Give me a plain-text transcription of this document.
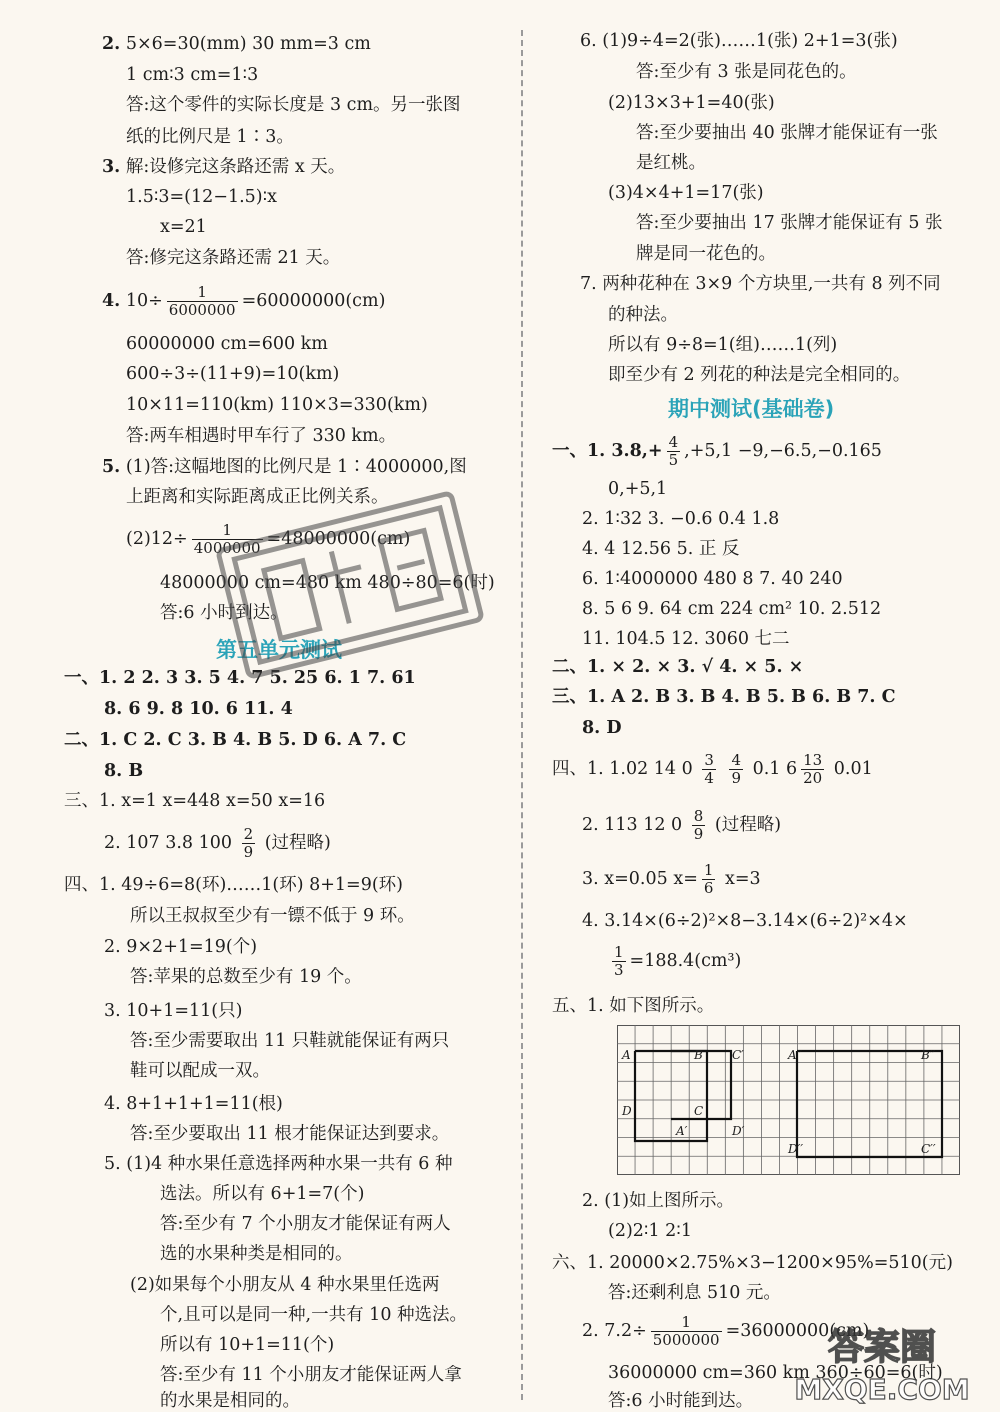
2. 5×6=30(mm) 30 mm=3 cm
1 cm∶3 cm=1∶3
答:这个零件的实际长度是 3 cm。另一张图
纸的比例尺是 1∶3。
3. 解:设修完这条路还需 x 天。
1.5∶3=(12−1.5)∶x
x=21
答:修完这条路还需 21 天。
4. $10\div \frac{1}{6000000} =60000000(cm)$
60000000 cm=600 km
600÷3÷(11+9)=10(km)
10×11=110(km) 110×3=330(km)
答:两车相遇时甲车行了 330 km。
5. (1)答:这幅地图的比例尺是 1∶4000000,图
上距离和实际距离成正比例关系。
$(2)12\div \frac{1}{4000000} =48000000(cm)$
48000000 cm=480 km 480÷80=6(时)
答:6 小时到达。
第五单元测试
一、1. 2 2. 3 3. 5 4. 7 5. 25 6. 1 7. 61
8. 6 9. 8 10. 6 11. 4
二、1. C 2. C 3. B 4. B 5. D 6. A 7. C
8. B
三、1. x=1 x=448 x=50 x=16
2. 107 3.8 $100 \frac{2}{9}$ (过程略)
四、1. 49÷6=8(环)……1(环) 8+1=9(环)
所以王叔叔至少有一镖不低于 9 环。
2. 9×2+1=19(个)
答:苹果的总数至少有 19 个。
3. 10+1=11(只)
答:至少需要取出 11 只鞋就能保证有两只
鞋可以配成一双。
4. 8+1+1+1=11(根)
答:至少要取出 11 根才能保证达到要求。
5. (1)4 种水果任意选择两种水果一共有 6 种
选法。所以有 6+1=7(个)
答:至少有 7 个小朋友才能保证有两人
选的水果种类是相同的。
(2)如果每个小朋友从 4 种水果里任选两
个,且可以是同一种,一共有 10 种选法。
所以有 10+1=11(个)
答:至少有 11 个小朋友才能保证两人拿
的水果是相同的。
6. (1)9÷4=2(张)……1(张) 2+1=3(张)
答:至少有 3 张是同花色的。
(2)13×3+1=40(张)
答:至少要抽出 40 张牌才能保证有一张
是红桃。
(3)4×4+1=17(张)
答:至少要抽出 17 张牌才能保证有 5 张
牌是同一花色的。
7. 两种花种在 3×9 个方块里,一共有 8 列不同
的种法。
所以有 9÷8=1(组)……1(列)
即至少有 2 列花的种法是完全相同的。
期中测试(基础卷)
一、1. $3.8,+ \frac{4}{5} ,+5,1 -9,-6.5,-0.165$
0,+5,1
2. 1∶32 3. −0.6 0.4 1.8
4. 4 12.56 5. 正 反
6. 1∶4000000 480 8 7. 40 240
8. 5 6 9. 64 cm 224 cm² 10. 2.512
11. 104.5 12. 3060 七二
二、1. × 2. × 3. √ 4. × 5. ×
三、1. A 2. B 3. B 4. B 5. B 6. B 7. C
8. D
四、1. 1.02 14 $0 \frac{3}{4}$
$\frac{4}{9} 0.1$ $6 \frac{13}{20} 0.01$
2. 113 12 $0 \frac{8}{9}$ (过程略)
3. x=0.05 $x= \frac{1}{6} x=3$
4. 3.14×(6÷2)²×8−3.14×(6÷2)²×4×
$\frac{1}{3} =188.4(cm^3)$
五、1. 如下图所示。
A	B C′	A′′	B′′
D	C
A′	D′
D′′	C′′
2. (1)如上图所示。
(2)2∶1 2∶1
六、1. 20000×2.75%×3−1200×95%=510(元)
答:还剩利息 510 元。
2. $7.2\div \frac{1}{5000000} =36000000(cm)$
36000000 cm=360 km 360÷60=6(时)
答:6 小时能到达。
答案圈
MXQE.COM
